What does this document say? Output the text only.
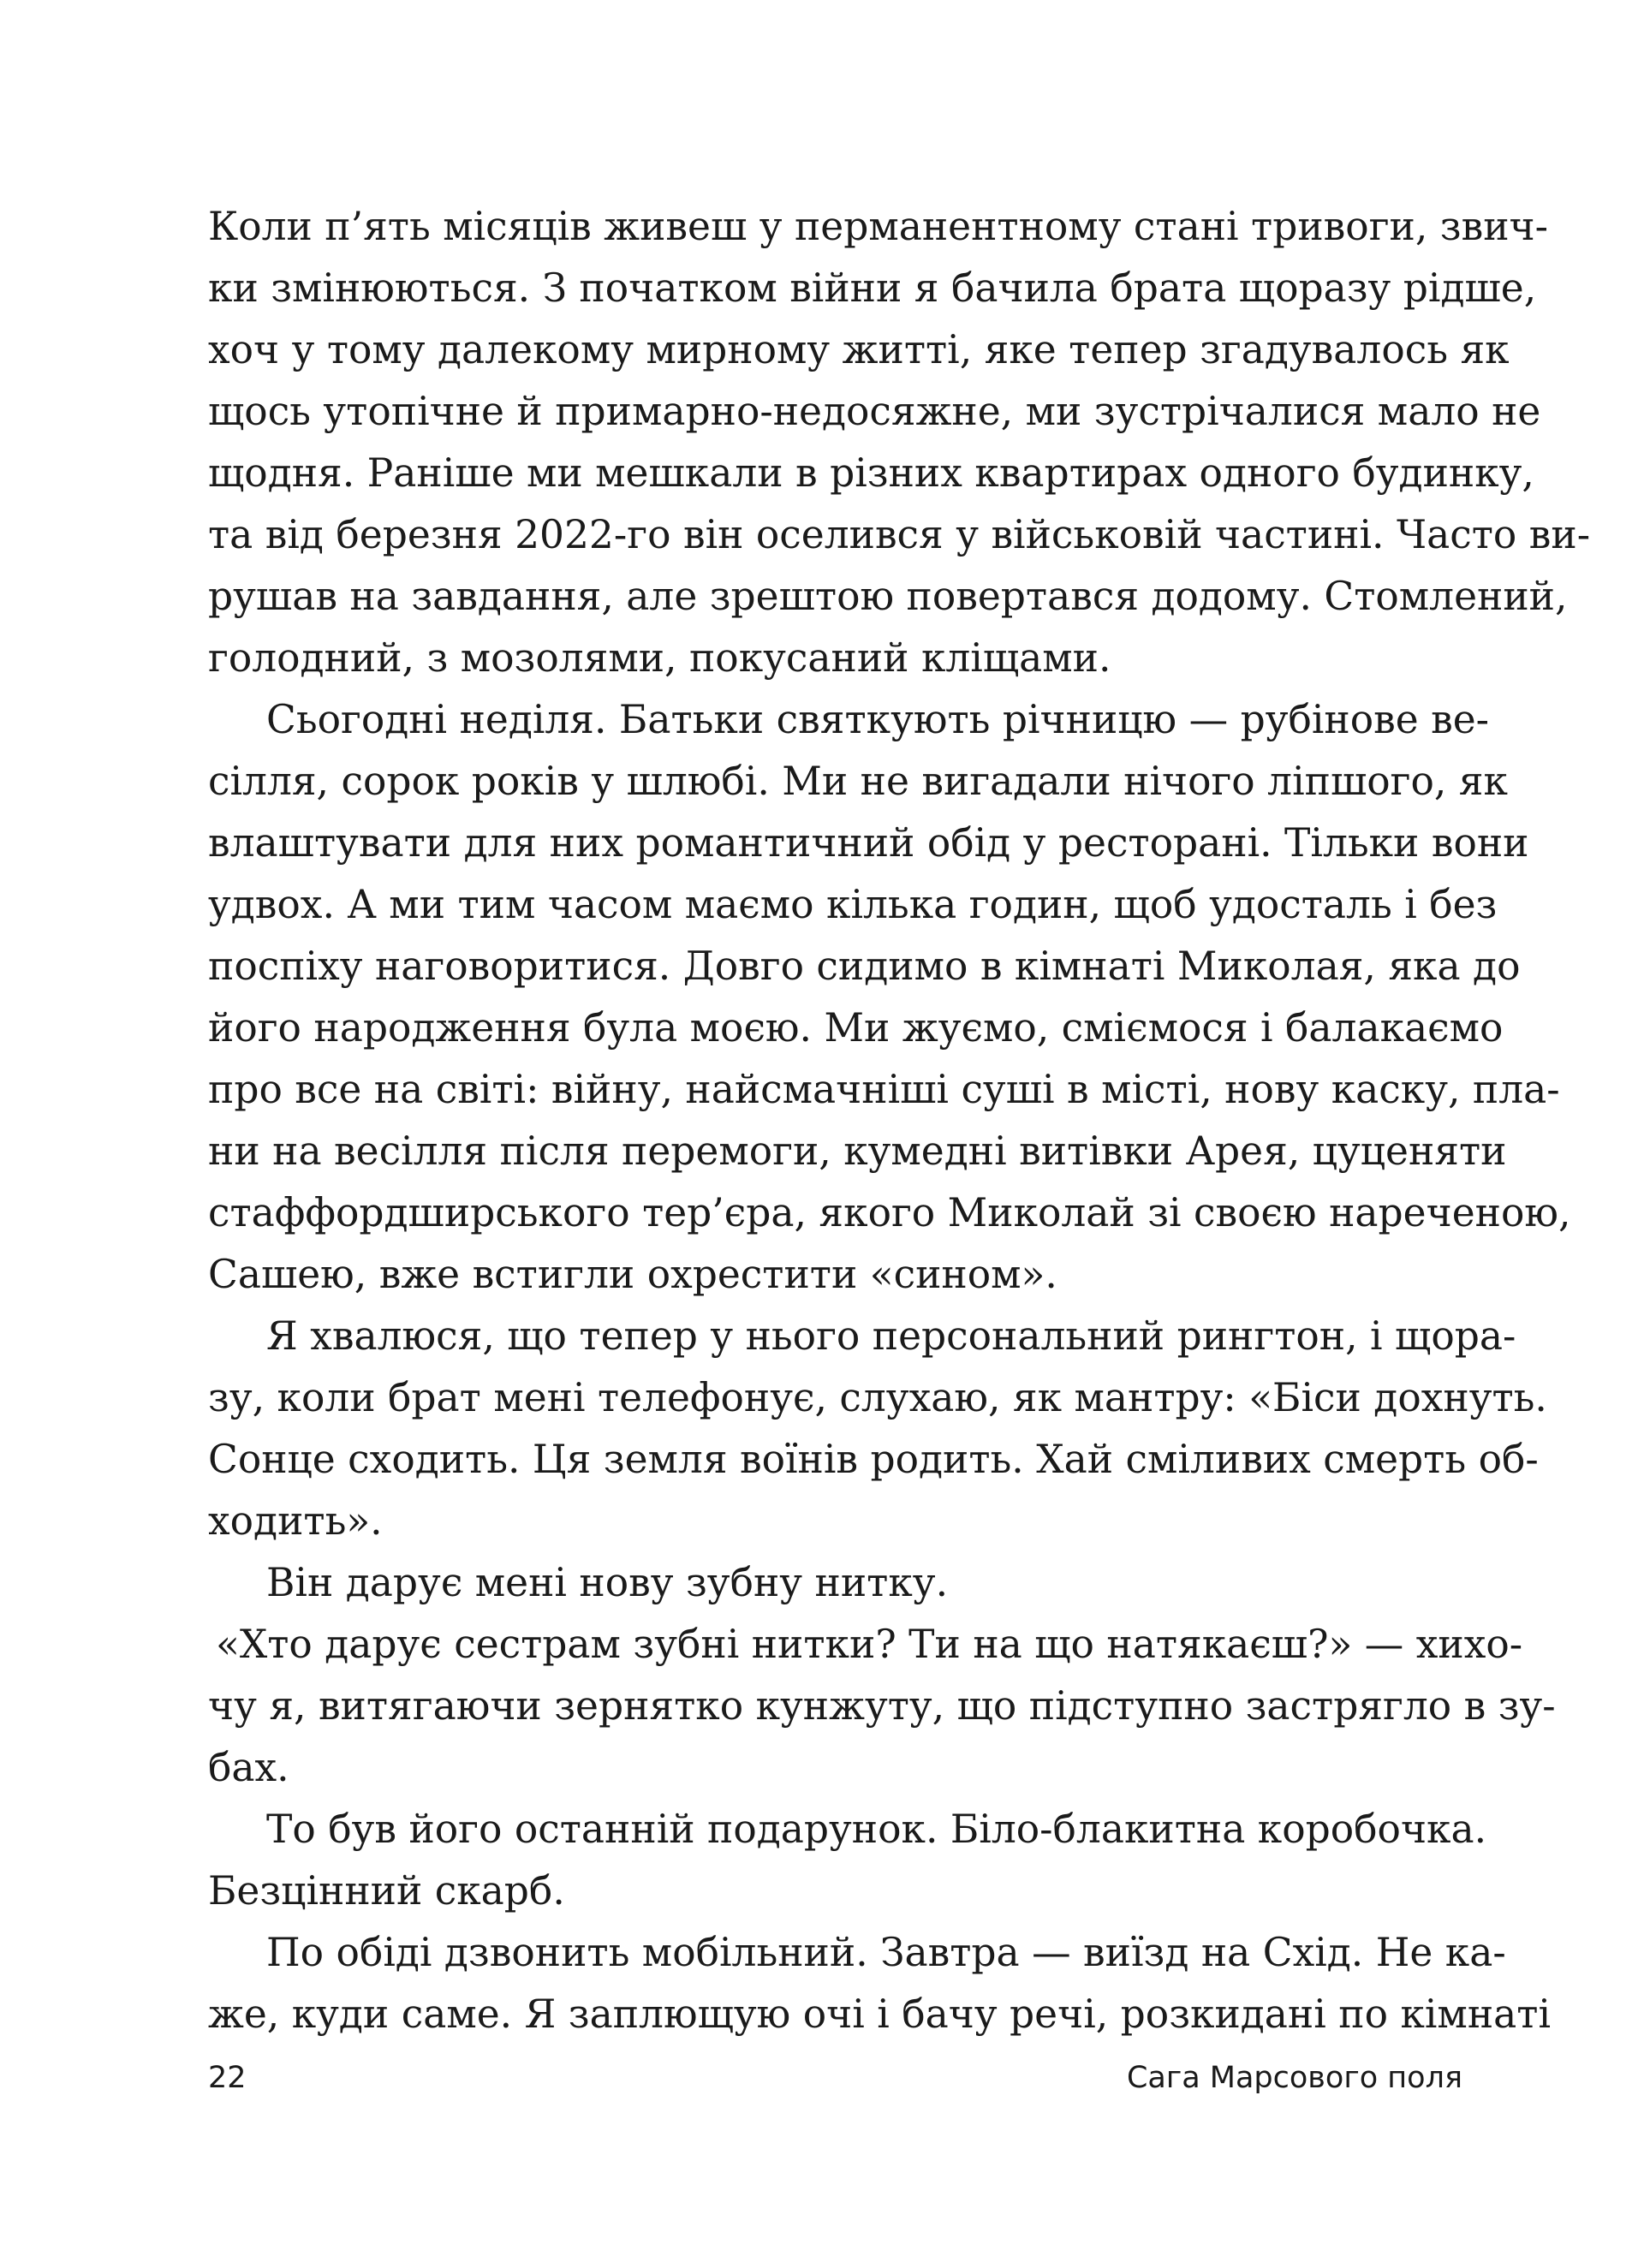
Коли п’ять місяців живеш у перманентному стані тривоги, звич-
ки змінюються. З початком війни я бачила брата щоразу рідше,
хоч у тому далекому мирному житті, яке тепер згадувалось як
щось утопічне й примарно-недосяжне, ми зустрічалися мало не
щодня. Раніше ми мешкали в різних квартирах одного будинку,
та від березня 2022-го він оселився у військовій частині. Часто ви-
рушав на завдання, але зрештою повертався додому. Стомлений,
голодний, з мозолями, покусаний кліщами.
Сьогодні неділя. Батьки святкують річницю — рубінове ве-
сілля, сорок років у шлюбі. Ми не вигадали нічого ліпшого, як
влаштувати для них романтичний обід у ресторані. Тільки вони
удвох. А ми тим часом маємо кілька годин, щоб удосталь і без
поспіху наговоритися. Довго сидимо в кімнаті Миколая, яка до
його народження була моєю. Ми жуємо, сміємося і балакаємо
про все на світі: війну, найсмачніші суші в місті, нову каску, пла-
ни на весілля після перемоги, кумедні витівки Арея, цуценяти
стаффордширського тер’єра, якого Миколай зі своєю нареченою,
Сашею, вже встигли охрестити «сином».
Я хвалюся, що тепер у нього персональний рингтон, і щора-
зу, коли брат мені телефонує, слухаю, як мантру: «Біси дохнуть.
Сонце сходить. Ця земля воїнів родить. Хай сміливих смерть об-
ходить».
Він дарує мені нову зубну нитку.
«Хто дарує сестрам зубні нитки? Ти на що натякаєш?» — хихо-
чу я, витягаючи зернятко кунжуту, що підступно застрягло в зу-
бах.
То був його останній подарунок. Біло-блакитна коробочка.
Безцінний скарб.
По обіді дзвонить мобільний. Завтра — виїзд на Схід. Не ка-
же, куди саме. Я заплющую очі і бачу речі, розкидані по кімнаті
22	Сага Марсового поля
